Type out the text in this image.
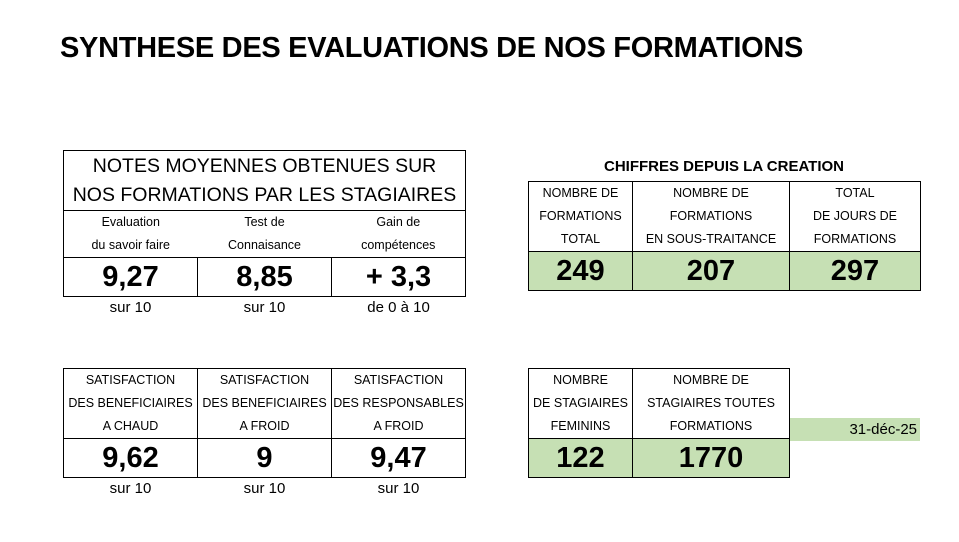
SYNTHESE DES EVALUATIONS DE NOS FORMATIONS
NOTES MOYENNES OBTENUES SUR		
NOS FORMATIONS PAR LES STAGIAIRES		
Evaluation	Test de	Gain de
du savoir faire	Connaisance	compétences
9,27	8,85	+ 3,3
sur 10	sur 10	de 0 à 10
SATISFACTION	SATISFACTION	SATISFACTION
DES BENEFICIAIRES	DES BENEFICIAIRES	DES RESPONSABLES
A CHAUD	A FROID	A FROID
9,62	9	9,47
sur 10	sur 10	sur 10
CHIFFRES DEPUIS LA CREATION
NOMBRE DE	NOMBRE DE	TOTAL
FORMATIONS	FORMATIONS	DE JOURS DE
TOTAL	EN SOUS-TRAITANCE	FORMATIONS
249	207	297
NOMBRE	NOMBRE DE
DE STAGIAIRES	STAGIAIRES TOUTES
FEMININS	FORMATIONS
122	1770
31-déc-25
